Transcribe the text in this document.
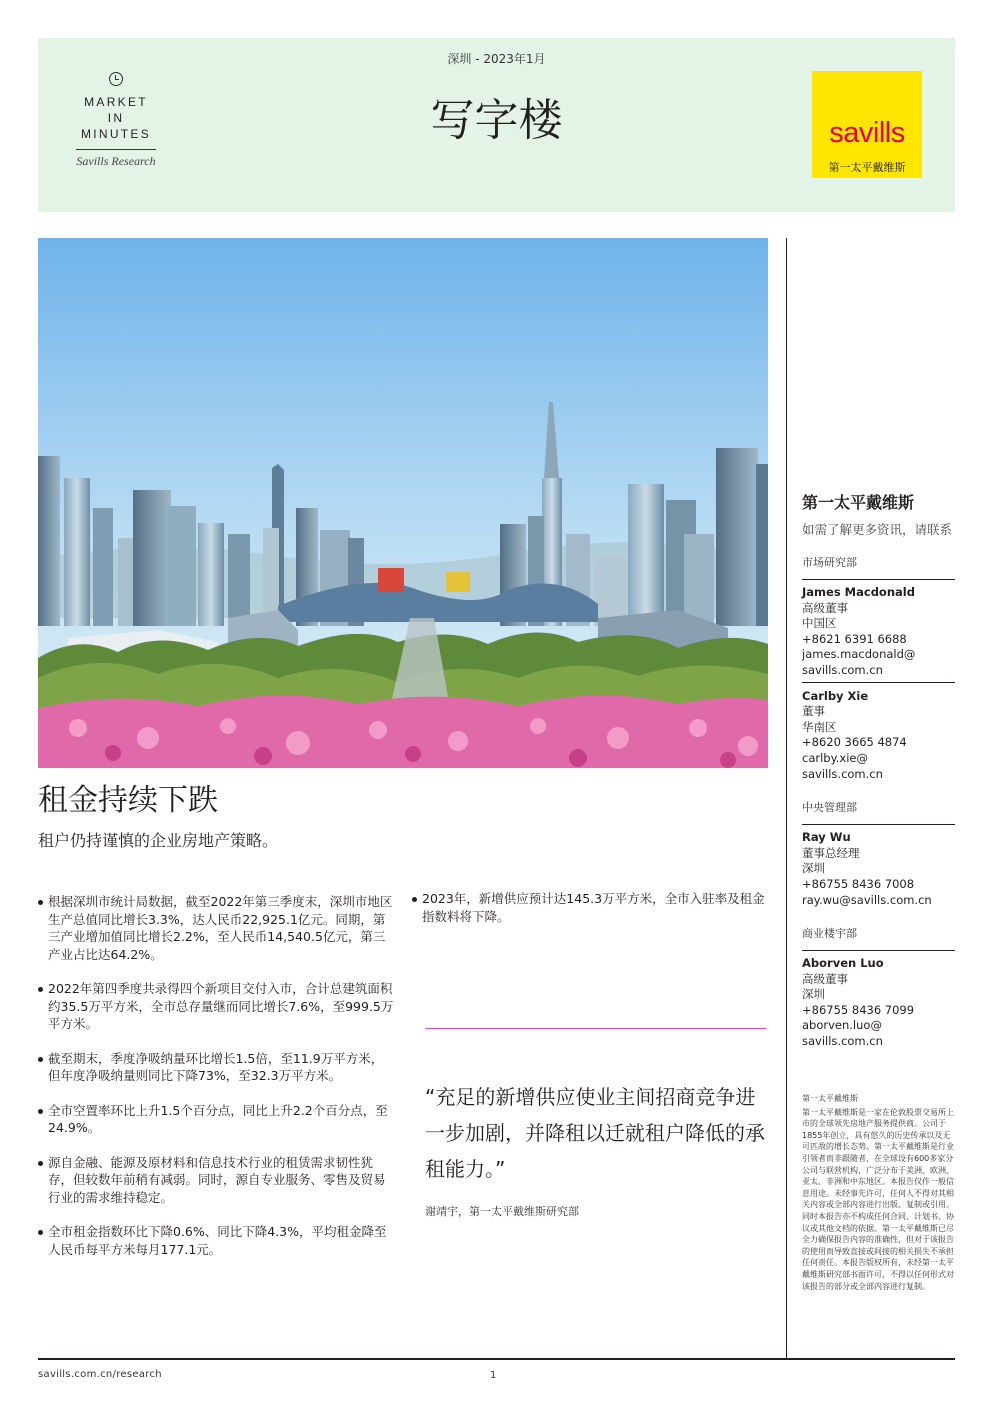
MARKET
IN
MINUTES
Savills Research
深圳 - 2023年1月
写字楼	savills
第一太平戴维斯
租金持续下跌
租户仍持谨慎的企业房地产策略。
根据深圳市统计局数据，截至2022年第三季度末，深圳市地区生产总值同比增长3.3%，达人民币22,925.1亿元。同期，第三产业增加值同比增长2.2%，至人民币14,540.5亿元，第三产业占比达64.2%。
2022年第四季度共录得四个新项目交付入市，合计总建筑面积约35.5万平方米，全市总存量继而同比增长7.6%，至999.5万平方米。
截至期末，季度净吸纳量环比增长1.5倍，至11.9万平方米，但年度净吸纳量则同比下降73%，至32.3万平方米。
全市空置率环比上升1.5个百分点，同比上升2.2个百分点，至24.9%。
源自金融、能源及原材料和信息技术行业的租赁需求韧性犹存，但较数年前稍有减弱。同时，源自专业服务、零售及贸易行业的需求维持稳定。
全市租金指数环比下降0.6%、同比下降4.3%，平均租金降至人民币每平方米每月177.1元。
2023年，新增供应预计达145.3万平方米，全市入驻率及租金指数料将下降。
“充足的新增供应使业主间招商竞争进一步加剧，并降租以迁就租户降低的承租能力。”
谢靖宇，第一太平戴维斯研究部
第一太平戴维斯
如需了解更多资讯，请联系
市场研究部
James Macdonald
高级董事
中国区
+8621 6391 6688
james.macdonald@
savills.com.cn
Carlby Xie
董事
华南区
+8620 3665 4874
carlby.xie@
savills.com.cn
中央管理部
Ray Wu
董事总经理
深圳
+86755 8436 7008
ray.wu@savills.com.cn
商业楼宇部
Aborven Luo
高级董事
深圳
+86755 8436 7099
aborven.luo@
savills.com.cn
第一太平戴维斯
第一太平戴维斯是一家在伦敦股票交易所上市的全球领先房地产服务提供商。公司于1855年创立，具有悠久的历史传承以及无可匹敌的增长态势。第一太平戴维斯是行业引领者而非跟随者，在全球设有600多家分公司与联营机构，广泛分布于美洲、欧洲、亚太、非洲和中东地区。本报告仅作一般信息用途。未经事先许可，任何人不得对其相关内容或全部内容进行出版、复制或引用。同时本报告亦不构成任何合同、计划书、协议或其他文档的依据。第一太平戴维斯已尽全力确保报告内容的准确性，但对于该报告的使用而导致直接或间接的相关损失不承担任何责任。本报告版权所有，未经第一太平戴维斯研究部书面许可，不得以任何形式对该报告的部分或全部内容进行复制。
savills.com.cn/research	1
